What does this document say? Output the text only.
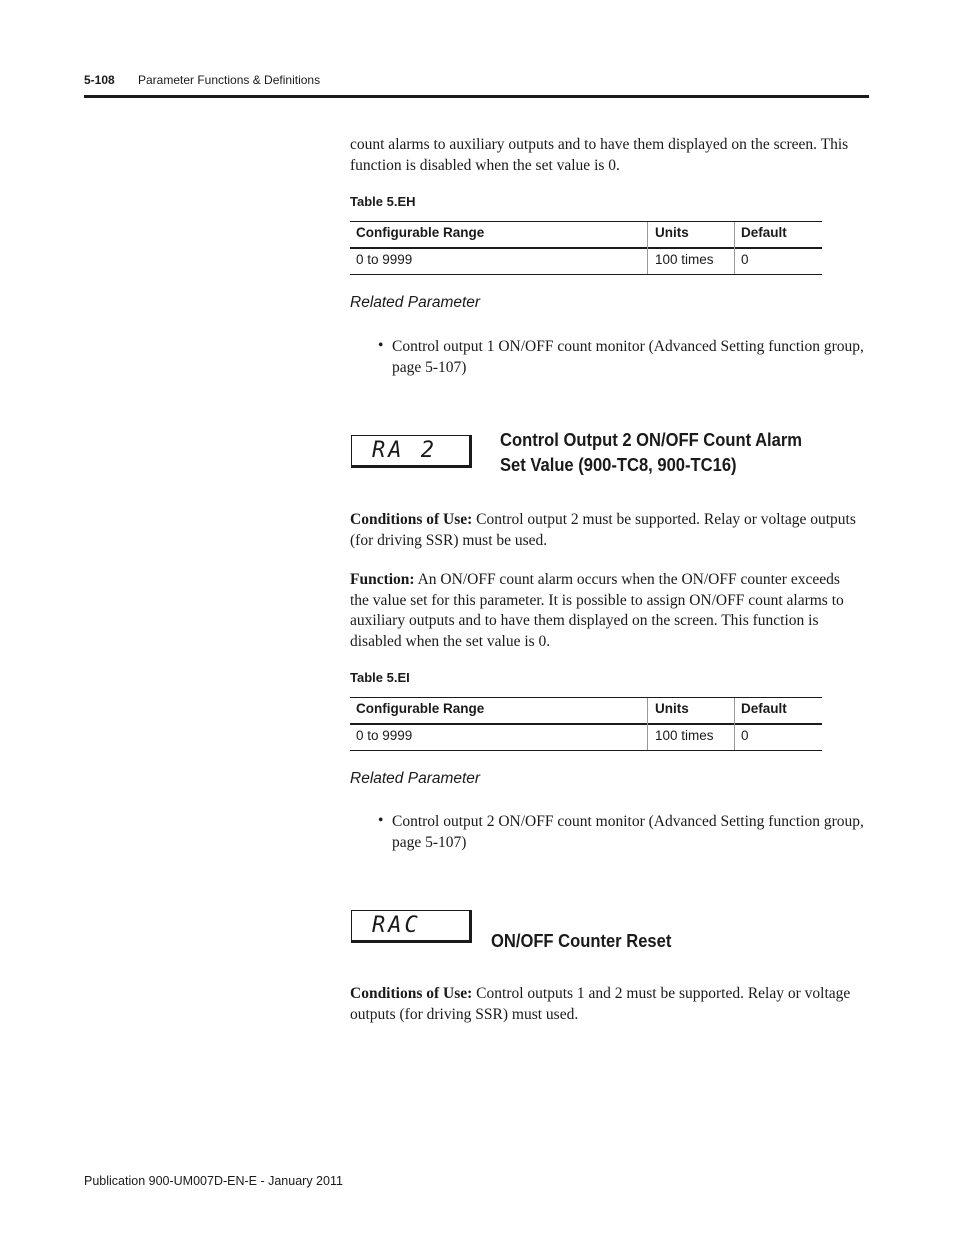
5-108 Parameter Functions & Definitions
count alarms to auxiliary outputs and to have them displayed on the screen. This function is disabled when the set value is 0.
Table 5.EH
Configurable Range	Units	Default
0 to 9999	100 times 0
Related Parameter
• Control output 1 ON/OFF count monitor (Advanced Setting function group, page 5-107)
RA 2	Control Output 2 ON/OFF Count Alarm Set Value (900-TC8, 900-TC16)
Conditions of Use: Control output 2 must be supported. Relay or voltage outputs (for driving SSR) must be used.
Function: An ON/OFF count alarm occurs when the ON/OFF counter exceeds the value set for this parameter. It is possible to assign ON/OFF count alarms to auxiliary outputs and to have them displayed on the screen. This function is disabled when the set value is 0.
Table 5.EI
Configurable Range	Units	Default
0 to 9999	100 times 0
Related Parameter
• Control output 2 ON/OFF count monitor (Advanced Setting function group, page 5-107)
RAC
ON/OFF Counter Reset
Conditions of Use: Control outputs 1 and 2 must be supported. Relay or voltage outputs (for driving SSR) must used.
Publication 900-UM007D-EN-E - January 2011
